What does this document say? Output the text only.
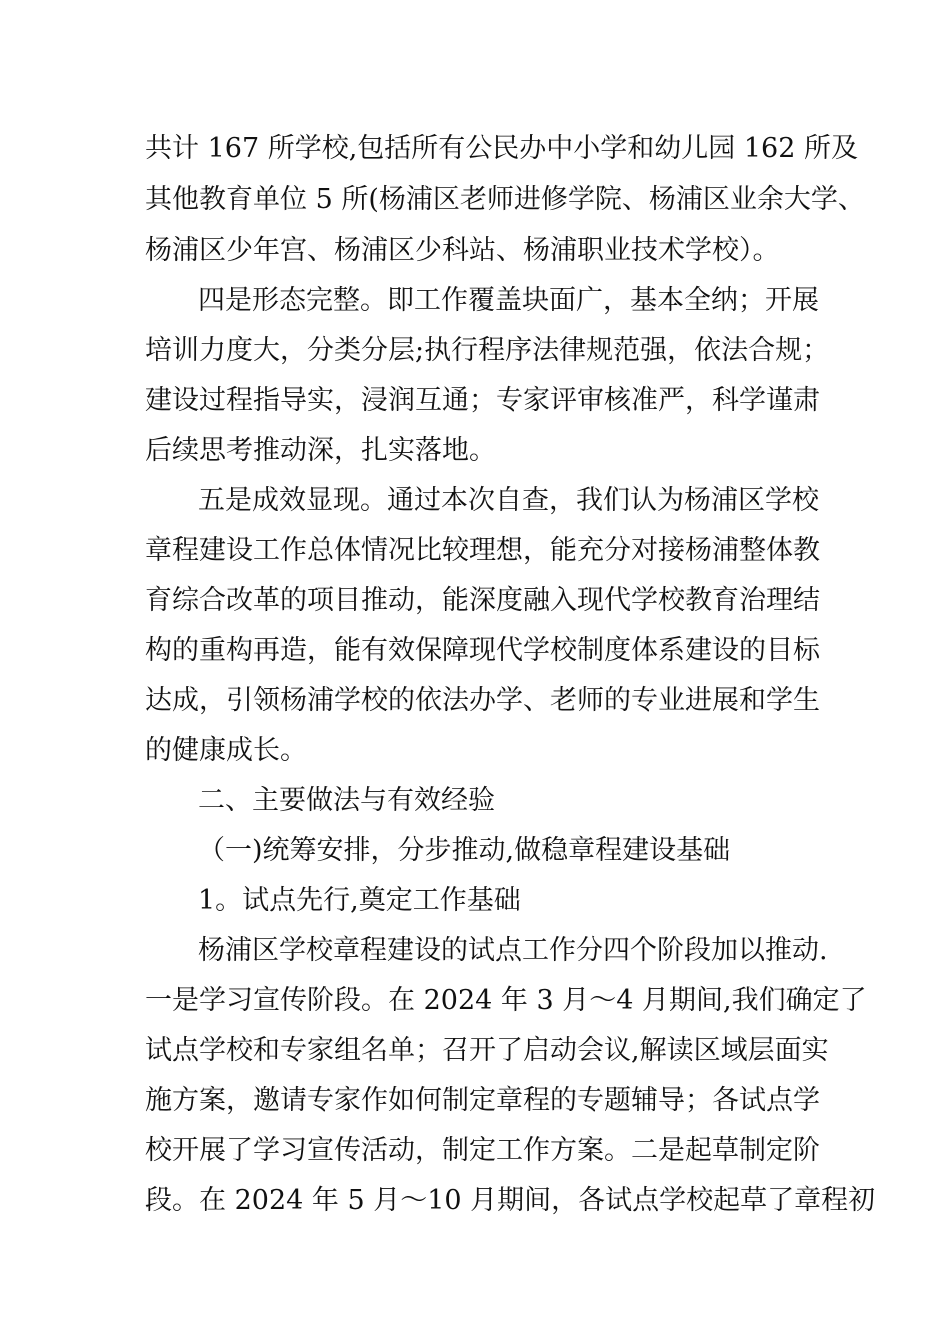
共计 167 所学校,包括所有公民办中小学和幼儿园 162 所及
其他教育单位 5 所(杨浦区老师进修学院、杨浦区业余大学、
杨浦区少年宫、杨浦区少科站、杨浦职业技术学校）。
四是形态完整。即工作覆盖块面广，基本全纳；开展
培训力度大，分类分层;执行程序法律规范强，依法合规；
建设过程指导实，浸润互通；专家评审核准严，科学谨肃
后续思考推动深，扎实落地。
五是成效显现。通过本次自查，我们认为杨浦区学校
章程建设工作总体情况比较理想，能充分对接杨浦整体教
育综合改革的项目推动，能深度融入现代学校教育治理结
构的重构再造，能有效保障现代学校制度体系建设的目标
达成，引领杨浦学校的依法办学、老师的专业进展和学生
的健康成长。
二、主要做法与有效经验
（一)统筹安排，分步推动,做稳章程建设基础
1。试点先行,奠定工作基础
杨浦区学校章程建设的试点工作分四个阶段加以推动.
一是学习宣传阶段。在 2024 年 3 月～4 月期间,我们确定了
试点学校和专家组名单；召开了启动会议,解读区域层面实
施方案，邀请专家作如何制定章程的专题辅导；各试点学
校开展了学习宣传活动，制定工作方案。二是起草制定阶
段。在 2024 年 5 月～10 月期间，各试点学校起草了章程初
